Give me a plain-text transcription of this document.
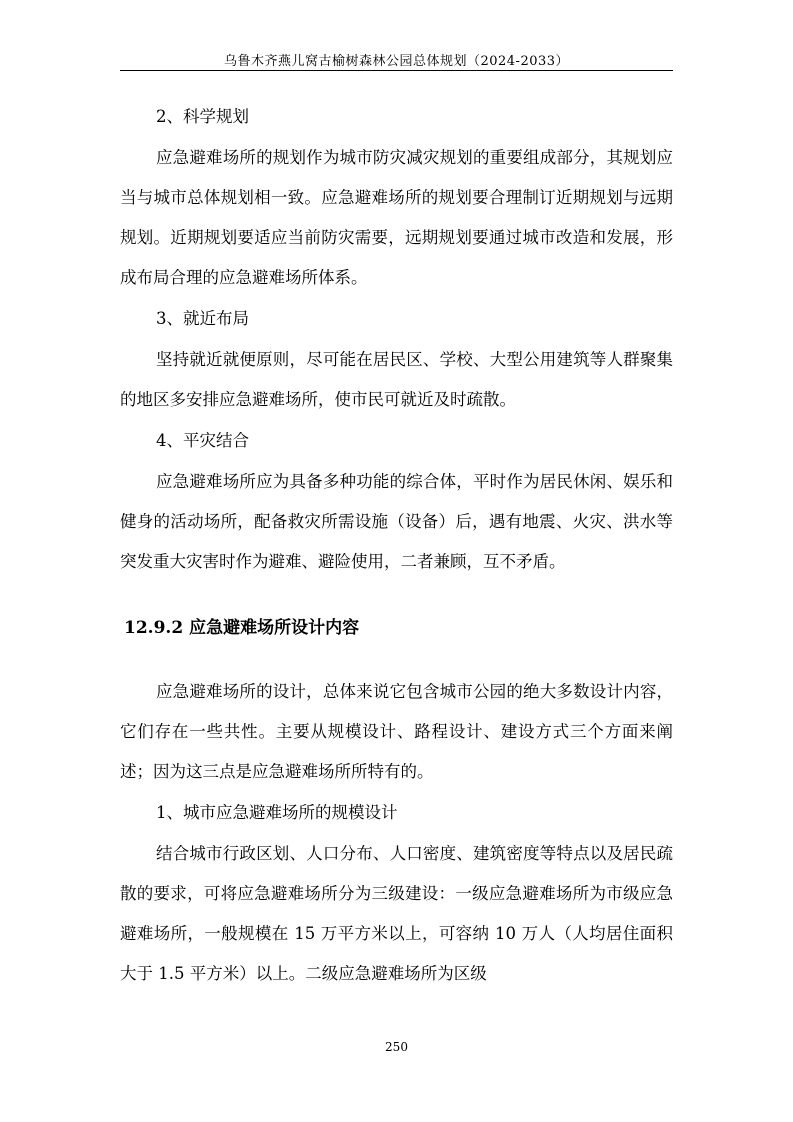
乌鲁木齐燕儿窝古榆树森林公园总体规划（2024-2033）
2、科学规划

应急避难场所的规划作为城市防灾减灾规划的重要组成部分，其规划应当与城市总体规划相一致。应急避难场所的规划要合理制订近期规划与远期规划。近期规划要适应当前防灾需要，远期规划要通过城市改造和发展，形成布局合理的应急避难场所体系。

3、就近布局

坚持就近就便原则，尽可能在居民区、学校、大型公用建筑等人群聚集的地区多安排应急避难场所，使市民可就近及时疏散。

4、平灾结合

应急避难场所应为具备多种功能的综合体，平时作为居民休闲、娱乐和健身的活动场所，配备救灾所需设施（设备）后，遇有地震、火灾、洪水等突发重大灾害时作为避难、避险使用，二者兼顾，互不矛盾。

12.9.2 应急避难场所设计内容

应急避难场所的设计，总体来说它包含城市公园的绝大多数设计内容，它们存在一些共性。主要从规模设计、路程设计、建设方式三个方面来阐述；因为这三点是应急避难场所所特有的。

1、城市应急避难场所的规模设计

结合城市行政区划、人口分布、人口密度、建筑密度等特点以及居民疏散的要求，可将应急避难场所分为三级建设：一级应急避难场所为市级应急避难场所，一般规模在 15 万平方米以上，可容纳 10 万人（人均居住面积大于 1.5 平方米）以上。二级应急避难场所为区级

250
